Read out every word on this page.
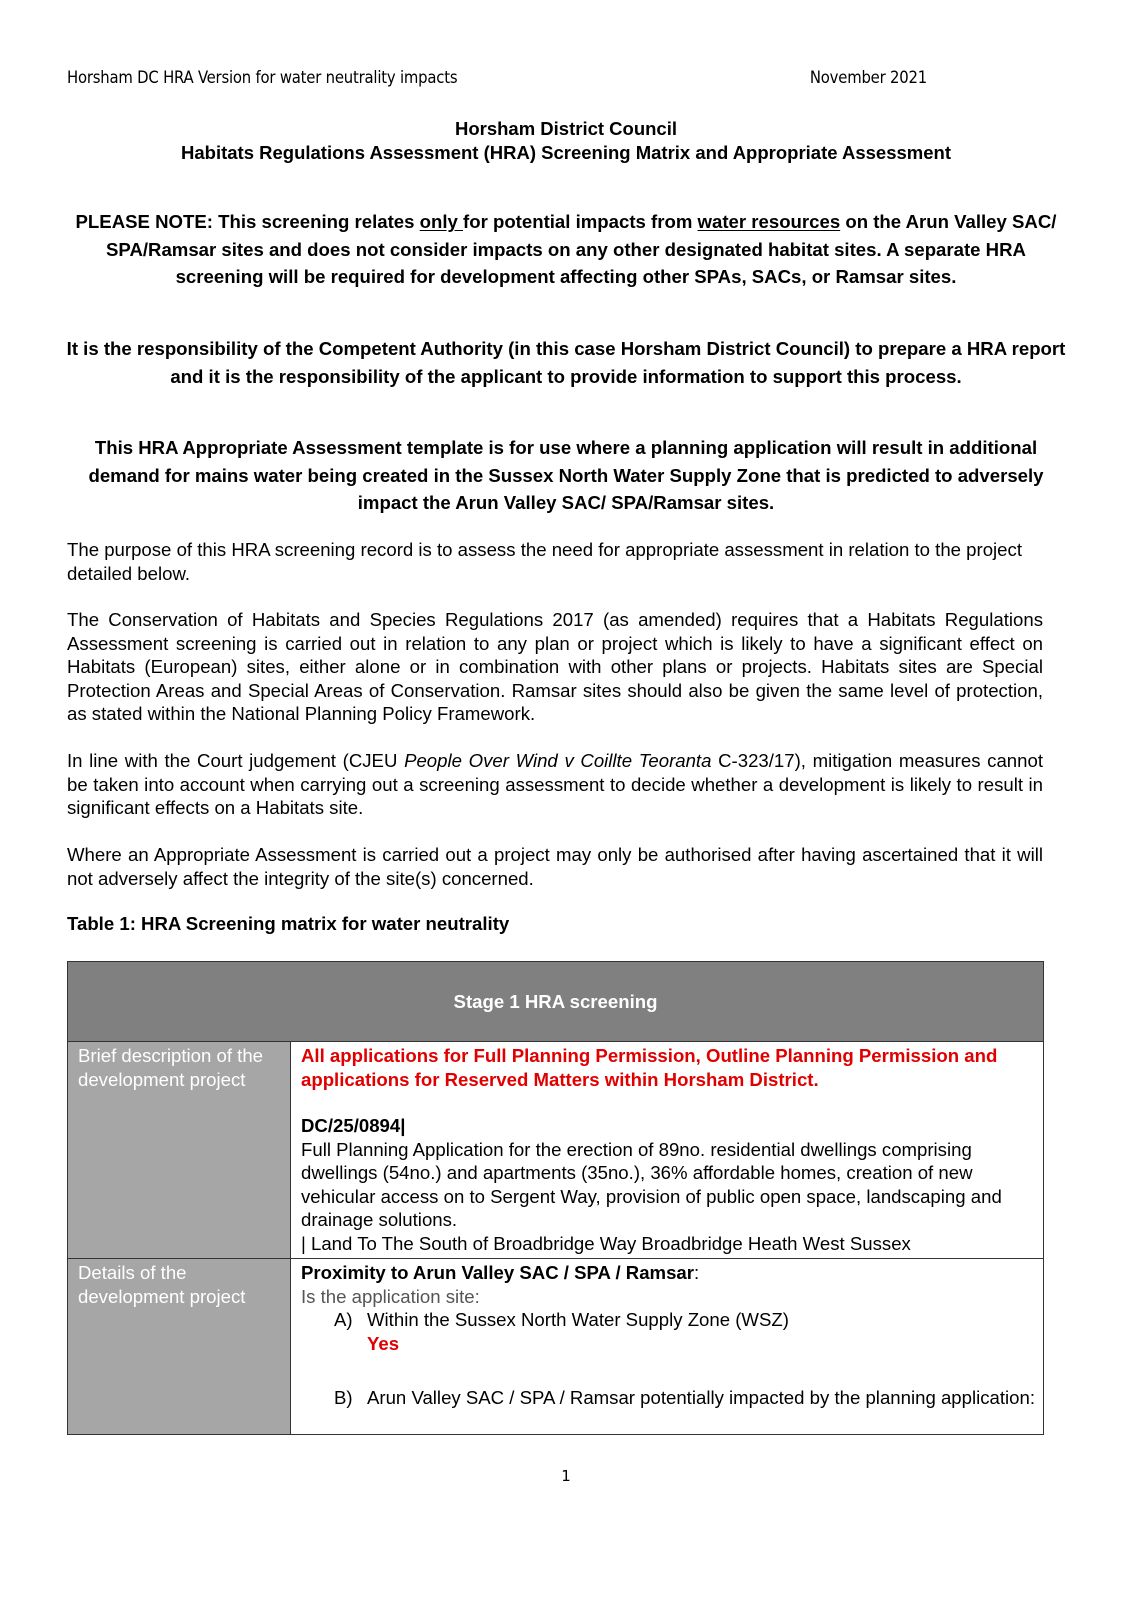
Horsham DC HRA Version for water neutrality impacts	November 2021
Horsham District Council
Habitats Regulations Assessment (HRA) Screening Matrix and Appropriate Assessment
PLEASE NOTE: This screening relates only for potential impacts from water resources on the Arun Valley SAC/ SPA/Ramsar sites and does not consider impacts on any other designated habitat sites. A separate HRA screening will be required for development affecting other SPAs, SACs, or Ramsar sites.
It is the responsibility of the Competent Authority (in this case Horsham District Council) to prepare a HRA report and it is the responsibility of the applicant to provide information to support this process.
This HRA Appropriate Assessment template is for use where a planning application will result in additional demand for mains water being created in the Sussex North Water Supply Zone that is predicted to adversely impact the Arun Valley SAC/ SPA/Ramsar sites.
The purpose of this HRA screening record is to assess the need for appropriate assessment in relation to the project detailed below.
The Conservation of Habitats and Species Regulations 2017 (as amended) requires that a Habitats Regulations Assessment screening is carried out in relation to any plan or project which is likely to have a significant effect on Habitats (European) sites, either alone or in combination with other plans or projects. Habitats sites are Special Protection Areas and Special Areas of Conservation. Ramsar sites should also be given the same level of protection, as stated within the National Planning Policy Framework.
In line with the Court judgement (CJEU People Over Wind v Coillte Teoranta C-323/17), mitigation measures cannot be taken into account when carrying out a screening assessment to decide whether a development is likely to result in significant effects on a Habitats site.
Where an Appropriate Assessment is carried out a project may only be authorised after having ascertained that it will not adversely affect the integrity of the site(s) concerned.
Table 1: HRA Screening matrix for water neutrality
Stage 1 HRA screening
Brief description of the development project
All applications for Full Planning Permission, Outline Planning Permission and applications for Reserved Matters within Horsham District.
DC/25/0894|
Full Planning Application for the erection of 89no. residential dwellings comprising dwellings (54no.) and apartments (35no.), 36% affordable homes, creation of new vehicular access on to Sergent Way, provision of public open space, landscaping and drainage solutions.
| Land To The South of Broadbridge Way Broadbridge Heath West Sussex
Details of the development project
Proximity to Arun Valley SAC / SPA / Ramsar:
Is the application site:
A) Within the Sussex North Water Supply Zone (WSZ)
Yes
B) Arun Valley SAC / SPA / Ramsar potentially impacted by the planning application:
1
